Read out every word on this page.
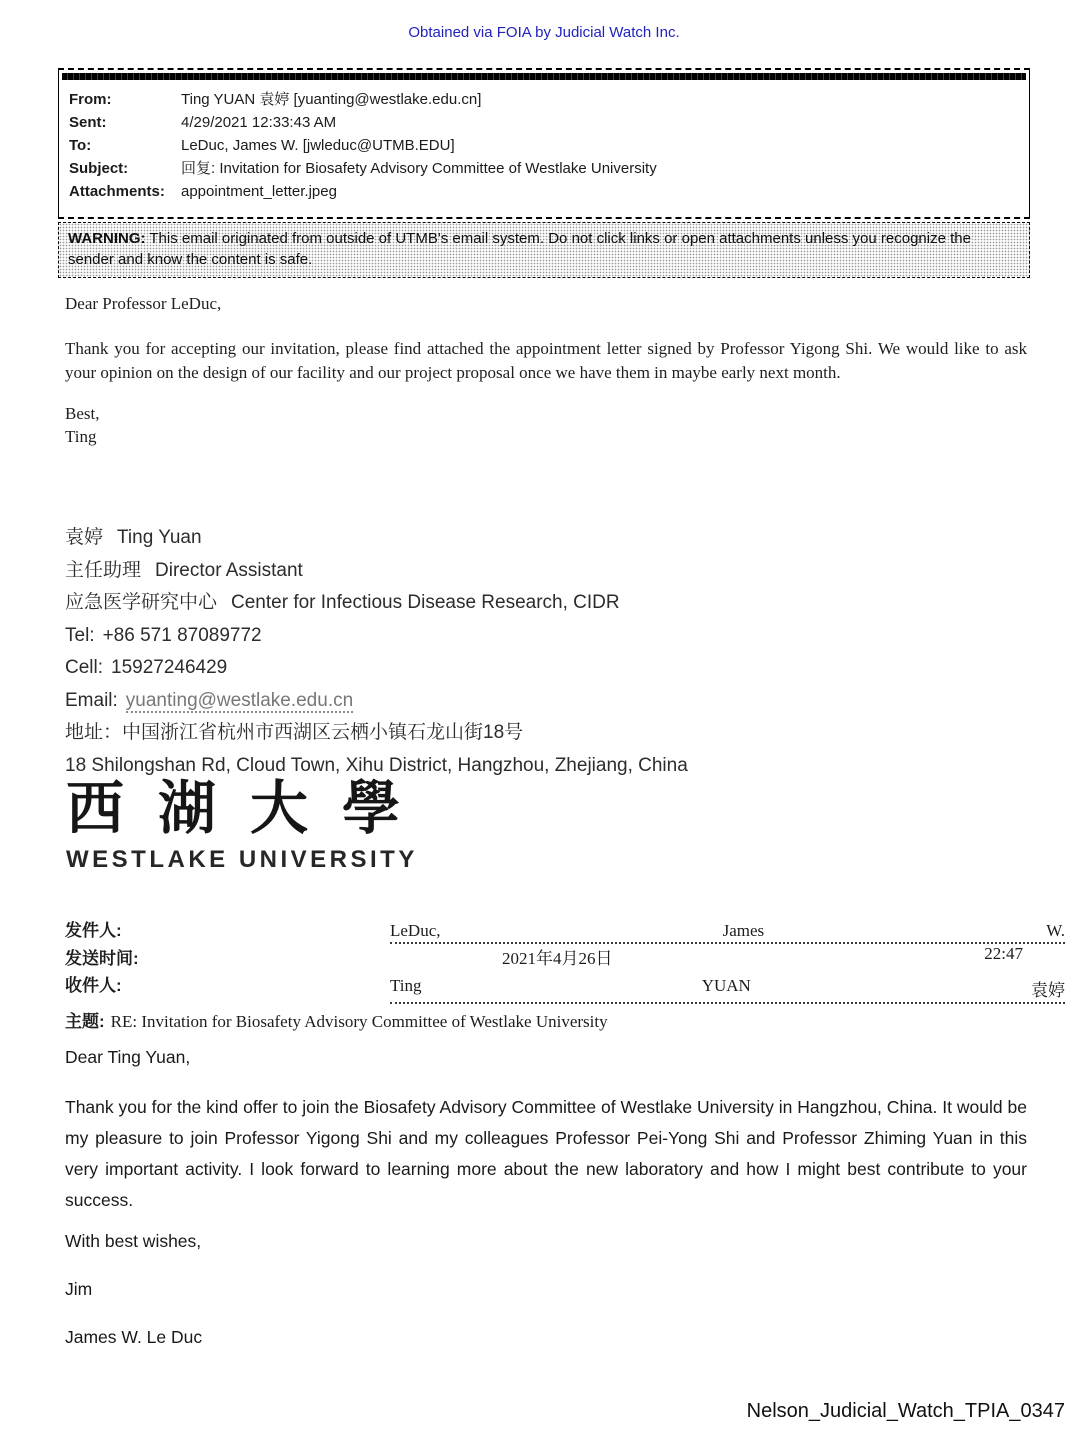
Obtained via FOIA by Judicial Watch Inc.
From:	Ting YUAN 袁婷 [yuanting@westlake.edu.cn]
Sent:	4/29/2021 12:33:43 AM
To:	LeDuc, James W. [jwleduc@UTMB.EDU]
Subject:	回复: Invitation for Biosafety Advisory Committee of Westlake University
Attachments:	appointment_letter.jpeg
WARNING: This email originated from outside of UTMB's email system. Do not click links or open attachments unless you recognize the sender and know the content is safe.
Dear Professor LeDuc,
Thank you for accepting our invitation, please find attached the appointment letter signed by Professor Yigong Shi. We would like to ask your opinion on the design of our facility and our project proposal once we have them in maybe early next month.
Best,
Ting
袁婷 Ting Yuan
主任助理 Director Assistant
应急医学研究中心 Center for Infectious Disease Research, CIDR
Tel: +86 571 87089772
Cell: 15927246429
Email: yuanting@westlake.edu.cn
地址：中国浙江省杭州市西湖区云栖小镇石龙山街18号
18 Shilongshan Rd, Cloud Town, Xihu District, Hangzhou, Zhejiang, China
西湖大學
WESTLAKE UNIVERSITY
发件人:	LeDuc,	James	W.
发送时间:	2021年4月26日	22:47
收件人:	Ting	YUAN	袁婷
主题: RE: Invitation for Biosafety Advisory Committee of Westlake University
Dear Ting Yuan,
Thank you for the kind offer to join the Biosafety Advisory Committee of Westlake University in Hangzhou, China. It would be my pleasure to join Professor Yigong Shi and my colleagues Professor Pei-Yong Shi and Professor Zhiming Yuan in this very important activity. I look forward to learning more about the new laboratory and how I might best contribute to your success.
With best wishes,
Jim
James W. Le Duc
Nelson_Judicial_Watch_TPIA_0347
